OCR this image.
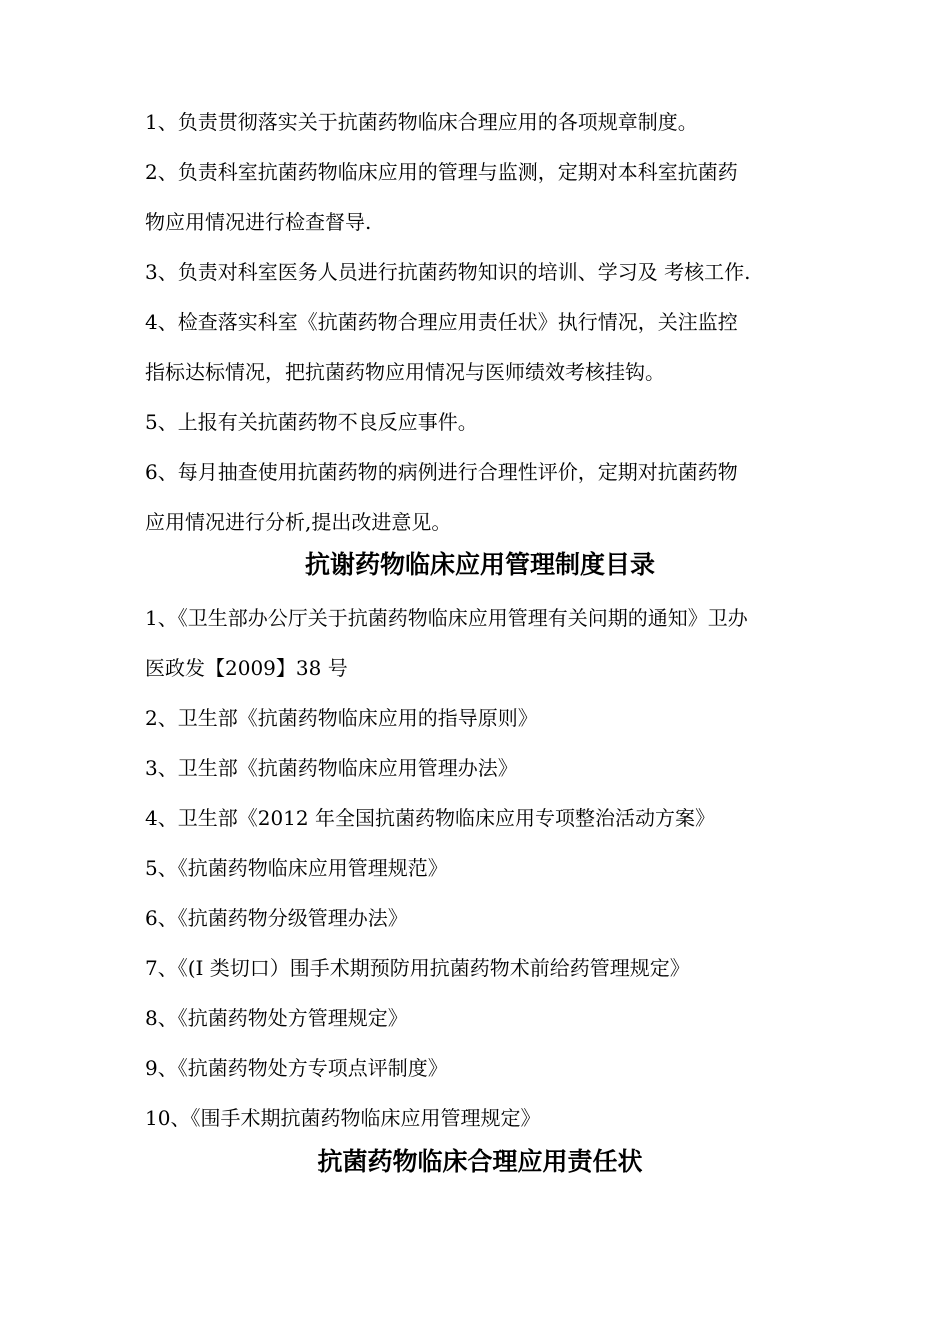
1、负责贯彻落实关于抗菌药物临床合理应用的各项规章制度。

2、负责科室抗菌药物临床应用的管理与监测，定期对本科室抗菌药

物应用情况进行检查督导.

3、负责对科室医务人员进行抗菌药物知识的培训、学习及 考核工作.

4、检查落实科室《抗菌药物合理应用责任状》执行情况，关注监控

指标达标情况，把抗菌药物应用情况与医师绩效考核挂钩。

5、上报有关抗菌药物不良反应事件。

6、每月抽查使用抗菌药物的病例进行合理性评价，定期对抗菌药物

应用情况进行分析,提出改进意见。

抗谢药物临床应用管理制度目录

1、《卫生部办公厅关于抗菌药物临床应用管理有关问期的通知》卫办

医政发【2009】38 号

2、卫生部《抗菌药物临床应用的指导原则》

3、卫生部《抗菌药物临床应用管理办法》

4、卫生部《2012 年全国抗菌药物临床应用专项整治活动方案》

5、《抗菌药物临床应用管理规范》

6、《抗菌药物分级管理办法》

7、《(I 类切口）围手术期预防用抗菌药物术前给药管理规定》

8、《抗菌药物处方管理规定》

9、《抗菌药物处方专项点评制度》

10、《围手术期抗菌药物临床应用管理规定》

抗菌药物临床合理应用责任状
